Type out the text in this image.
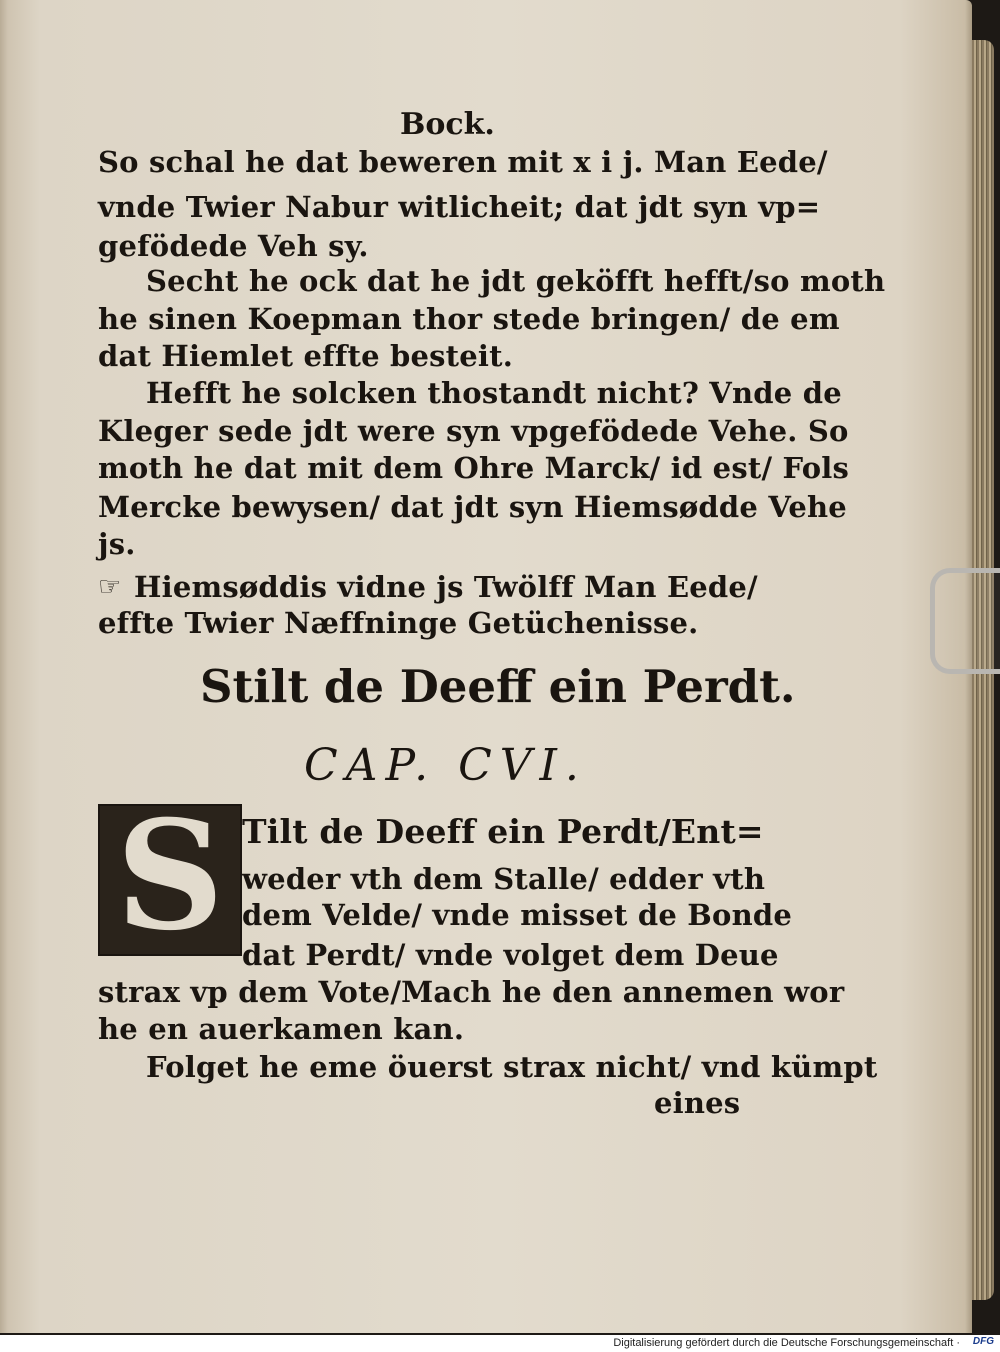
Bock.
So schal he dat beweren mit x i j. Man Eede/
vnde Twier Nabur witlicheit; dat jdt syn vp=
gefödede Veh sy.
Secht he ock dat he jdt geköfft hefft/so moth
he sinen Koepman thor stede bringen/ de em
dat Hiemlet effte besteit.
Hefft he solcken thostandt nicht? Vnde de
Kleger sede jdt were syn vpgefödede Vehe. So
moth he dat mit dem Ohre Marck/ id est/ Fols
Mercke bewysen/ dat jdt syn Hiemsødde Vehe
js.
☞ Hiemsøddis vidne js Twölff Man Eede/
effte Twier Næffninge Getüchenisse.
Stilt de Deeff ein Perdt.
CAP. CVI.
S Tilt de Deeff ein Perdt/Ent=
weder vth dem Stalle/ edder vth
dem Velde/ vnde misset de Bonde
dat Perdt/ vnde volget dem Deue
strax vp dem Vote/Mach he den annemen wor
he en auerkamen kan.
Folget he eme öuerst strax nicht/ vnd kümpt
eines
Digitalisierung gefördert durch die Deutsche Forschungsgemeinschaft · DFG
